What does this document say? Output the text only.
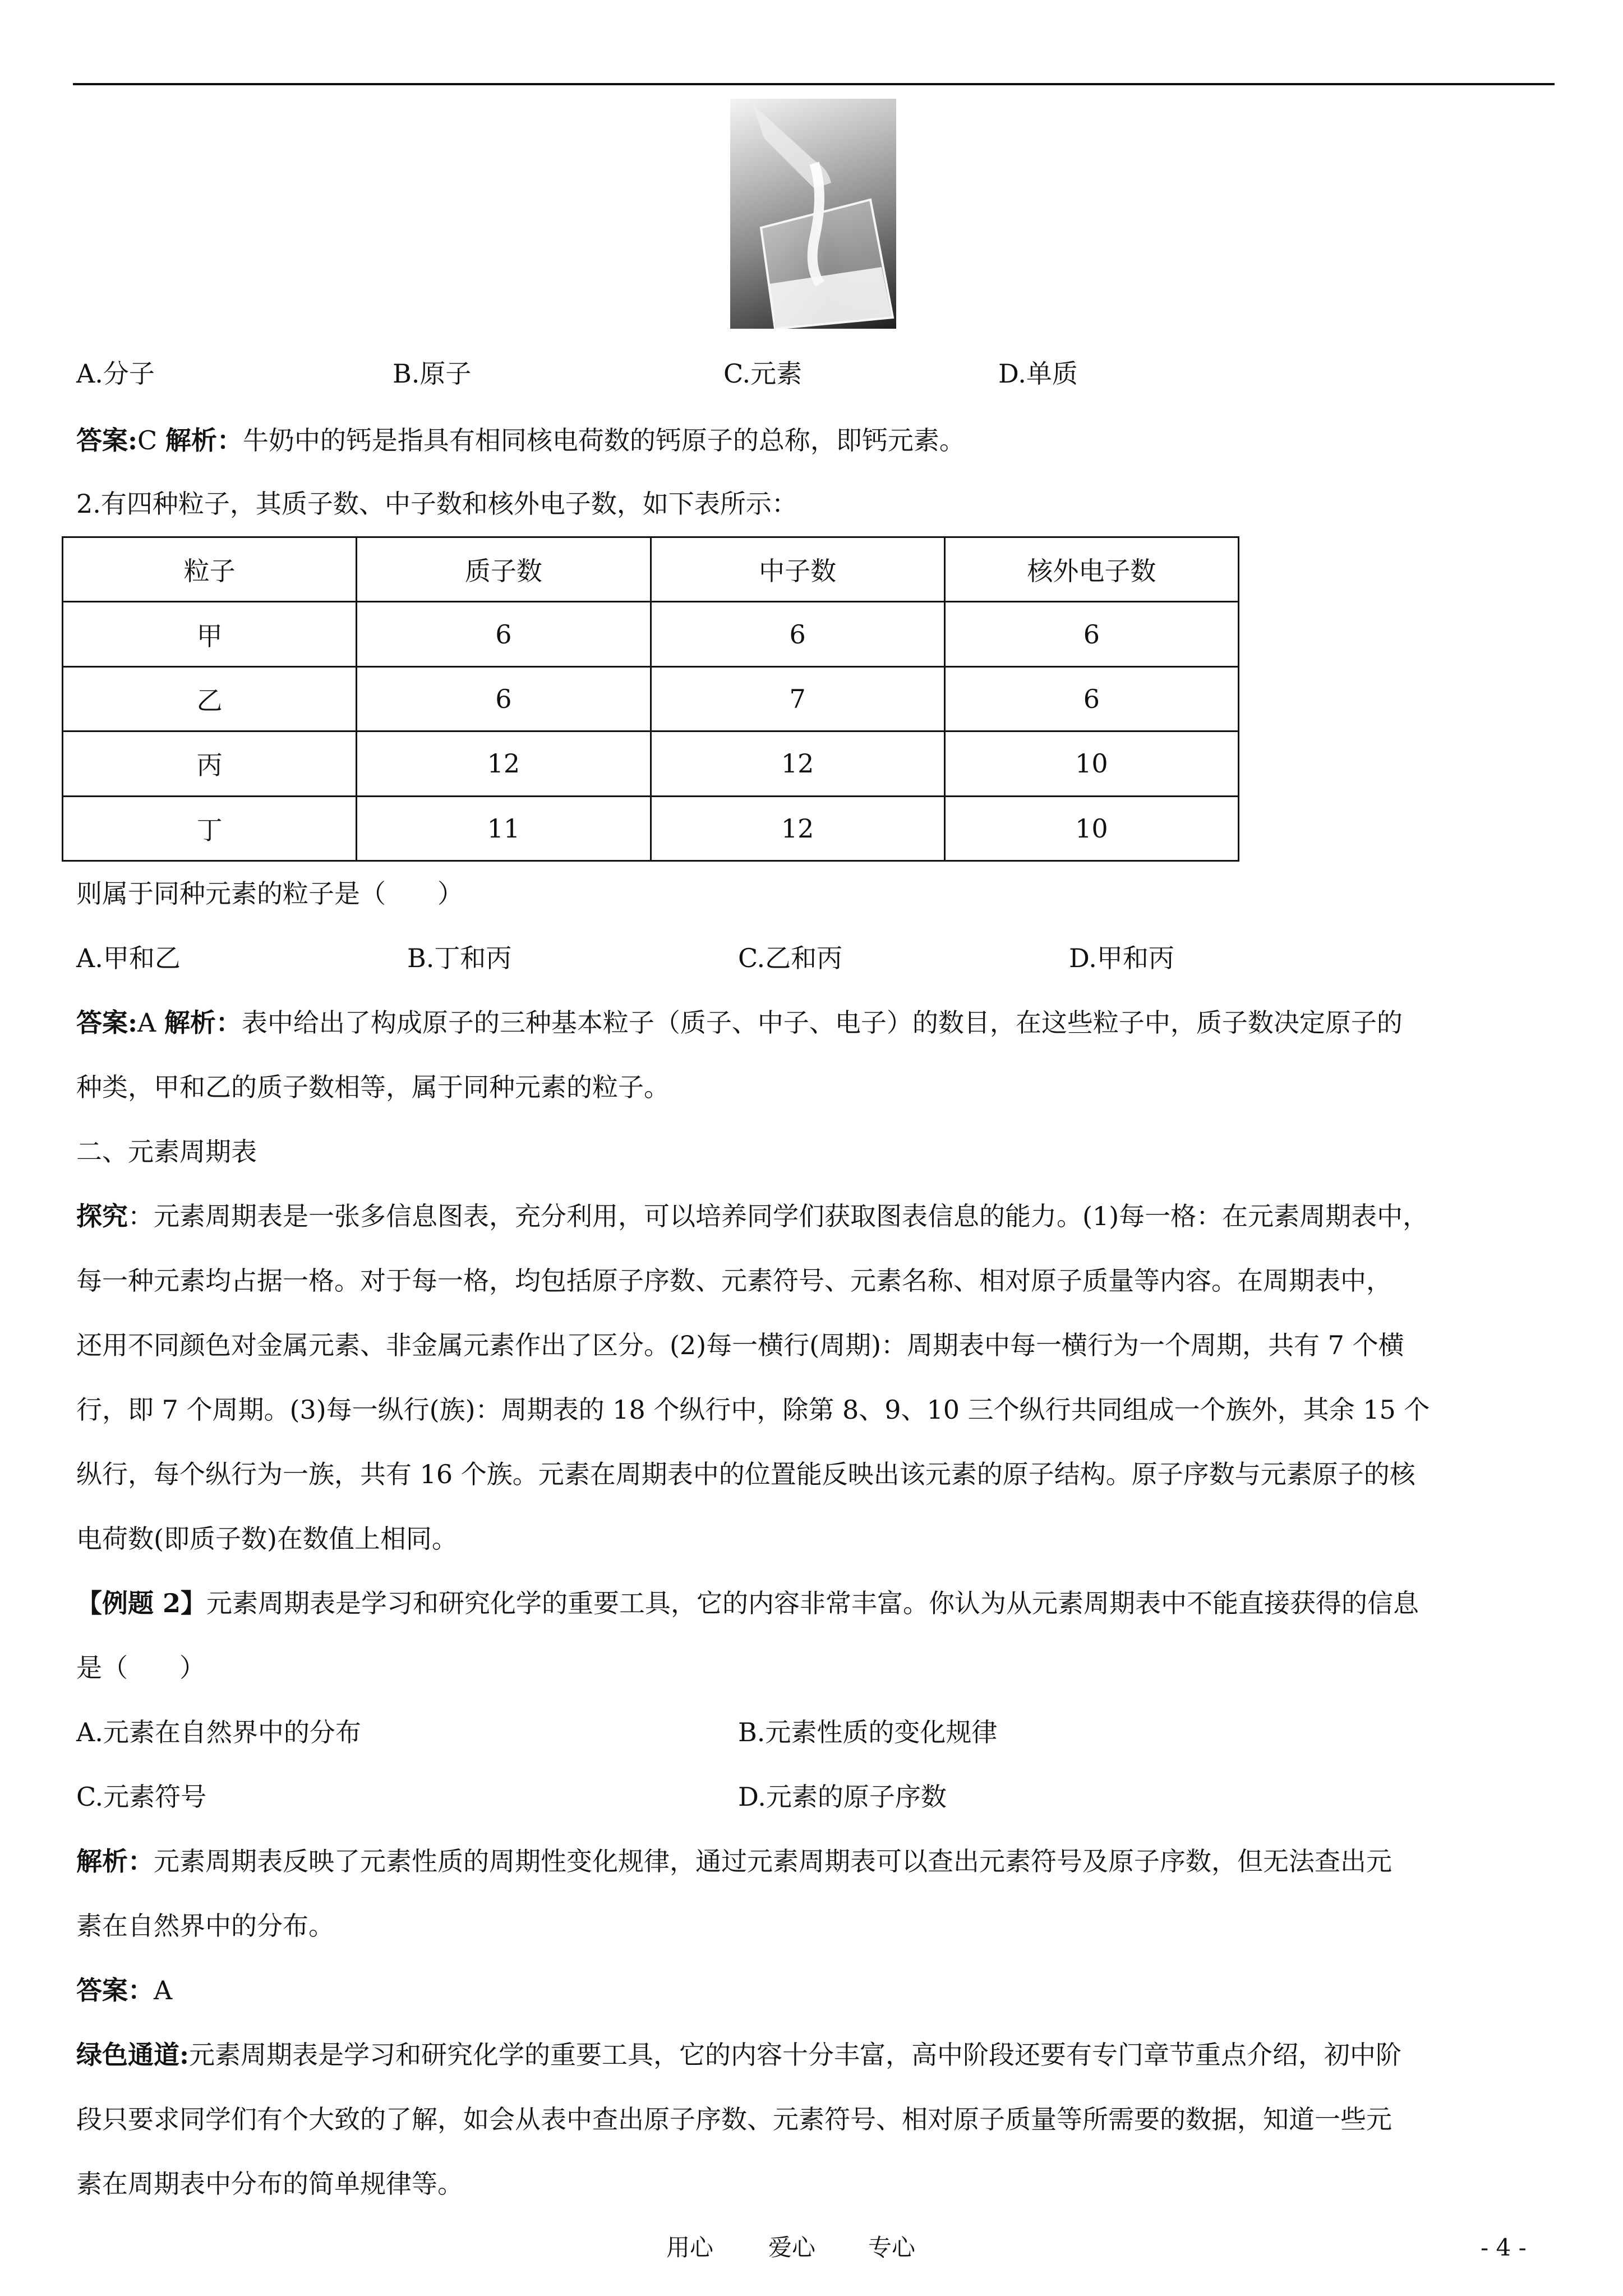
A.分子	B.原子	C.元素	D.单质
答案:C 解析：牛奶中的钙是指具有相同核电荷数的钙原子的总称，即钙元素。
2.有四种粒子，其质子数、中子数和核外电子数，如下表所示：
粒子	质子数	中子数	核外电子数
甲	6	6	6
乙	6	7	6
丙	12	12	10
丁	11	12	10
则属于同种元素的粒子是（　　）
A.甲和乙	B.丁和丙	C.乙和丙	D.甲和丙
答案:A 解析：表中给出了构成原子的三种基本粒子（质子、中子、电子）的数目，在这些粒子中，质子数决定原子的
种类，甲和乙的质子数相等，属于同种元素的粒子。
二、元素周期表
探究：元素周期表是一张多信息图表，充分利用，可以培养同学们获取图表信息的能力。(1)每一格：在元素周期表中，
每一种元素均占据一格。对于每一格，均包括原子序数、元素符号、元素名称、相对原子质量等内容。在周期表中，
还用不同颜色对金属元素、非金属元素作出了区分。(2)每一横行(周期)：周期表中每一横行为一个周期，共有 7 个横
行，即 7 个周期。(3)每一纵行(族)：周期表的 18 个纵行中，除第 8、9、10 三个纵行共同组成一个族外，其余 15 个
纵行，每个纵行为一族，共有 16 个族。元素在周期表中的位置能反映出该元素的原子结构。原子序数与元素原子的核
电荷数(即质子数)在数值上相同。
【例题 2】元素周期表是学习和研究化学的重要工具，它的内容非常丰富。你认为从元素周期表中不能直接获得的信息
是（　　）
A.元素在自然界中的分布	B.元素性质的变化规律
C.元素符号	D.元素的原子序数
解析：元素周期表反映了元素性质的周期性变化规律，通过元素周期表可以查出元素符号及原子序数，但无法查出元
素在自然界中的分布。
答案：A
绿色通道:元素周期表是学习和研究化学的重要工具，它的内容十分丰富，高中阶段还要有专门章节重点介绍，初中阶
段只要求同学们有个大致的了解，如会从表中查出原子序数、元素符号、相对原子质量等所需要的数据，知道一些元
素在周期表中分布的简单规律等。
用心 爱心 专心	- 4 -
